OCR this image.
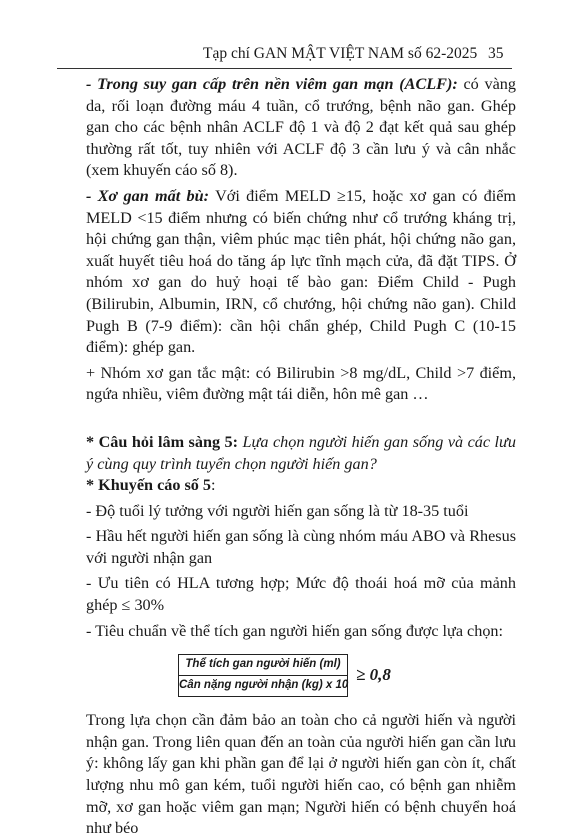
Tạp chí GAN MẬT VIỆT NAM số 62-2025 35

- Trong suy gan cấp trên nền viêm gan mạn (ACLF): có vàng da, rối loạn đường máu 4 tuần, cổ trướng, bệnh não gan. Ghép gan cho các bệnh nhân ACLF độ 1 và độ 2 đạt kết quả sau ghép thường rất tốt, tuy nhiên với ACLF độ 3 cần lưu ý và cân nhắc (xem khuyến cáo số 8).

- Xơ gan mất bù: Với điểm MELD ≥15, hoặc xơ gan có điểm MELD <15 điểm nhưng có biến chứng như cổ trướng kháng trị, hội chứng gan thận, viêm phúc mạc tiên phát, hội chứng não gan, xuất huyết tiêu hoá do tăng áp lực tĩnh mạch cửa, đã đặt TIPS. Ở nhóm xơ gan do huỷ hoại tế bào gan: Điểm Child - Pugh (Bilirubin, Albumin, IRN, cổ chướng, hội chứng não gan). Child Pugh B (7-9 điểm): cần hội chẩn ghép, Child Pugh C (10-15 điểm): ghép gan.

+ Nhóm xơ gan tắc mật: có Bilirubin >8 mg/dL, Child >7 điểm, ngứa nhiều, viêm đường mật tái diễn, hôn mê gan …

* Câu hỏi lâm sàng 5: Lựa chọn người hiến gan sống và các lưu ý cùng quy trình tuyển chọn người hiến gan?

* Khuyến cáo số 5:

- Độ tuổi lý tưởng với người hiến gan sống là từ 18-35 tuổi

- Hầu hết người hiến gan sống là cùng nhóm máu ABO và Rhesus với người nhận gan

- Ưu tiên có HLA tương hợp; Mức độ thoái hoá mỡ của mảnh ghép ≤ 30%

- Tiêu chuẩn về thể tích gan người hiến gan sống được lựa chọn:

Thể tích gan người hiến (ml)
Cân nặng người nhận (kg) x 10
≥ 0,8

Trong lựa chọn cần đảm bảo an toàn cho cả người hiến và người nhận gan. Trong liên quan đến an toàn của người hiến gan cần lưu ý: không lấy gan khi phần gan để lại ở người hiến gan còn ít, chất lượng nhu mô gan kém, tuổi người hiến cao, có bệnh gan nhiễm mỡ, xơ gan hoặc viêm gan mạn; Người hiến có bệnh chuyển hoá như béo
